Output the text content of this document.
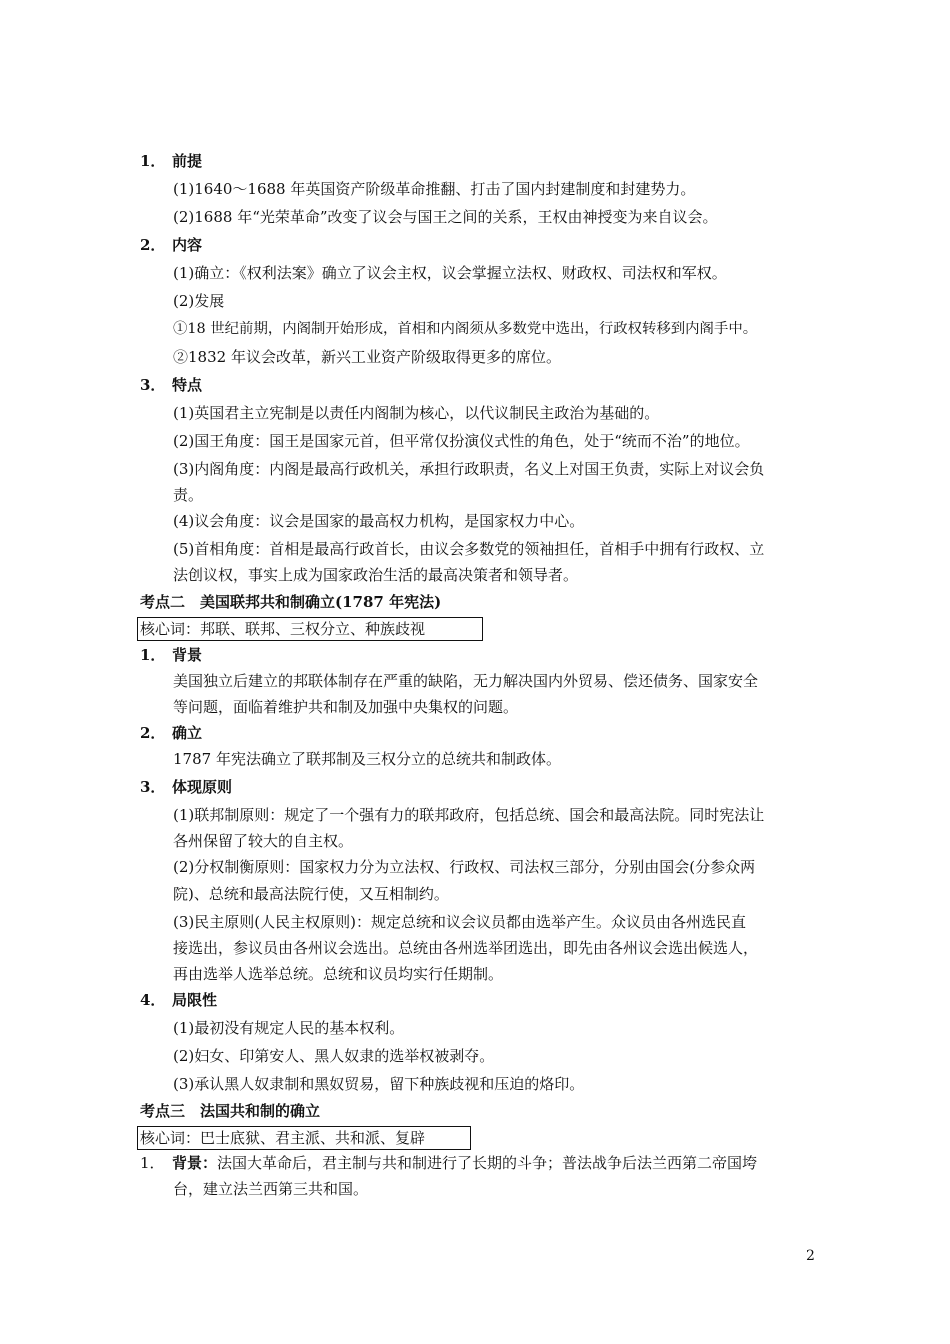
1． 前提
(1)1640～1688 年英国资产阶级革命推翻、打击了国内封建制度和封建势力。
(2)1688 年“光荣革命”改变了议会与国王之间的关系，王权由神授变为来自议会。
2． 内容
(1)确立：《权利法案》确立了议会主权，议会掌握立法权、财政权、司法权和军权。
(2)发展
①18 世纪前期，内阁制开始形成，首相和内阁须从多数党中选出，行政权转移到内阁手中。
②1832 年议会改革，新兴工业资产阶级取得更多的席位。
3． 特点
(1)英国君主立宪制是以责任内阁制为核心，以代议制民主政治为基础的。
(2)国王角度：国王是国家元首，但平常仅扮演仪式性的角色，处于“统而不治”的地位。
(3)内阁角度：内阁是最高行政机关，承担行政职责，名义上对国王负责，实际上对议会负
责。
(4)议会角度：议会是国家的最高权力机构，是国家权力中心。
(5)首相角度：首相是最高行政首长，由议会多数党的领袖担任，首相手中拥有行政权、立
法创议权，事实上成为国家政治生活的最高决策者和领导者。
考点二　美国联邦共和制确立(1787 年宪法)
核心词：邦联、联邦、三权分立、种族歧视
1． 背景
美国独立后建立的邦联体制存在严重的缺陷，无力解决国内外贸易、偿还债务、国家安全
等问题，面临着维护共和制及加强中央集权的问题。
2． 确立
1787 年宪法确立了联邦制及三权分立的总统共和制政体。
3． 体现原则
(1)联邦制原则：规定了一个强有力的联邦政府，包括总统、国会和最高法院。同时宪法让
各州保留了较大的自主权。
(2)分权制衡原则：国家权力分为立法权、行政权、司法权三部分，分别由国会(分参众两
院)、总统和最高法院行使，又互相制约。
(3)民主原则(人民主权原则)：规定总统和议会议员都由选举产生。众议员由各州选民直
接选出，参议员由各州议会选出。总统由各州选举团选出，即先由各州议会选出候选人，
再由选举人选举总统。总统和议员均实行任期制。
4． 局限性
(1)最初没有规定人民的基本权利。
(2)妇女、印第安人、黑人奴隶的选举权被剥夺。
(3)承认黑人奴隶制和黑奴贸易，留下种族歧视和压迫的烙印。
考点三　法国共和制的确立
核心词：巴士底狱、君主派、共和派、复辟
1． 背景：法国大革命后，君主制与共和制进行了长期的斗争；普法战争后法兰西第二帝国垮
台，建立法兰西第三共和国。
2
